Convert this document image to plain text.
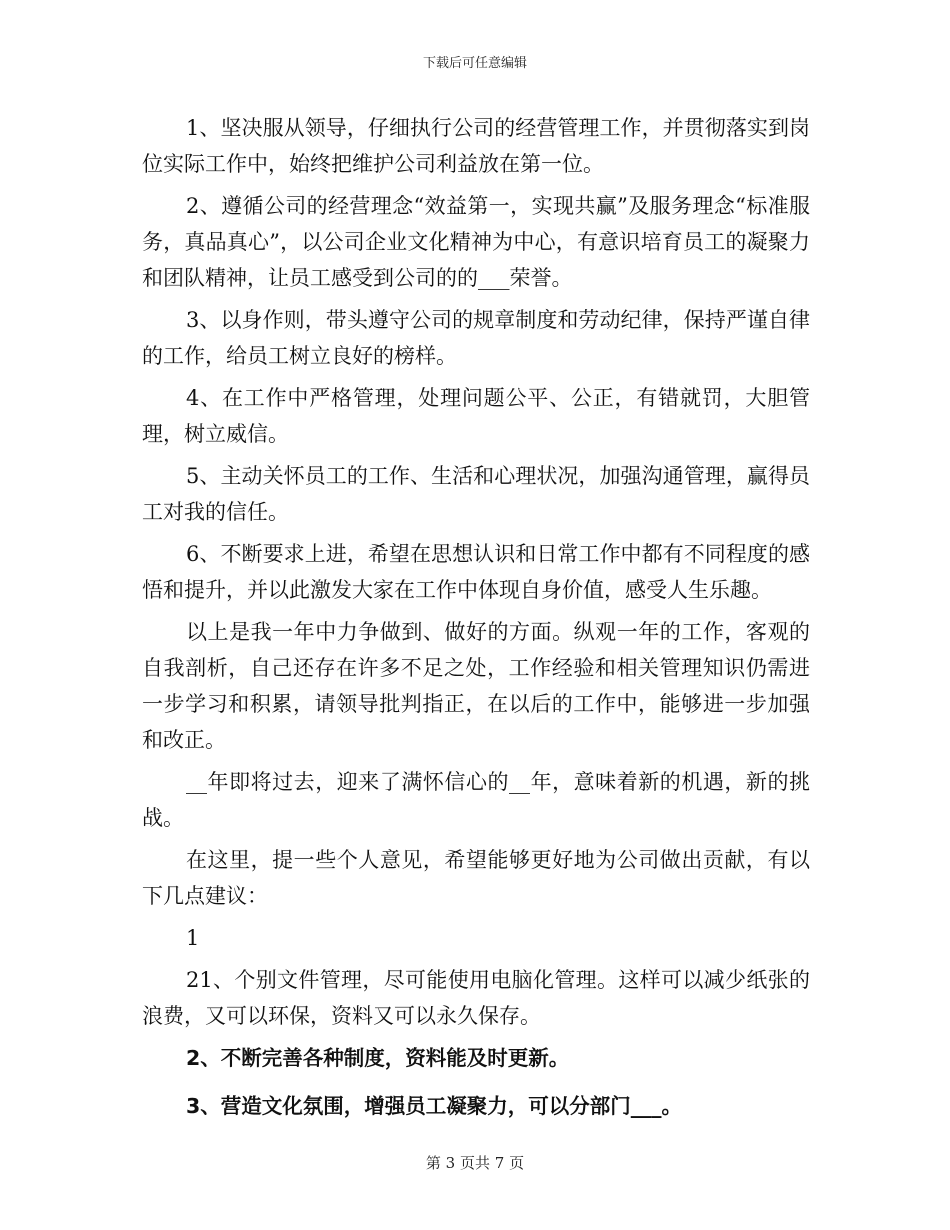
下载后可任意编辑

1、坚决服从领导，仔细执行公司的经营管理工作，并贯彻落实到岗位实际工作中，始终把维护公司利益放在第一位。

2、遵循公司的经营理念“效益第一，实现共赢”及服务理念“标准服务，真品真心”，以公司企业文化精神为中心，有意识培育员工的凝聚力和团队精神，让员工感受到公司的的___荣誉。

3、以身作则，带头遵守公司的规章制度和劳动纪律，保持严谨自律的工作，给员工树立良好的榜样。

4、在工作中严格管理，处理问题公平、公正，有错就罚，大胆管理，树立威信。

5、主动关怀员工的工作、生活和心理状况，加强沟通管理，赢得员工对我的信任。

6、不断要求上进，希望在思想认识和日常工作中都有不同程度的感悟和提升，并以此激发大家在工作中体现自身价值，感受人生乐趣。

以上是我一年中力争做到、做好的方面。纵观一年的工作，客观的自我剖析，自己还存在许多不足之处，工作经验和相关管理知识仍需进一步学习和积累，请领导批判指正，在以后的工作中，能够进一步加强和改正。

__年即将过去，迎来了满怀信心的__年，意味着新的机遇，新的挑战。

在这里，提一些个人意见，希望能够更好地为公司做出贡献，有以下几点建议：

1

21、个别文件管理，尽可能使用电脑化管理。这样可以减少纸张的浪费，又可以环保，资料又可以永久保存。

2、不断完善各种制度，资料能及时更新。

3、营造文化氛围，增强员工凝聚力，可以分部门___。

第 3 页共 7 页
